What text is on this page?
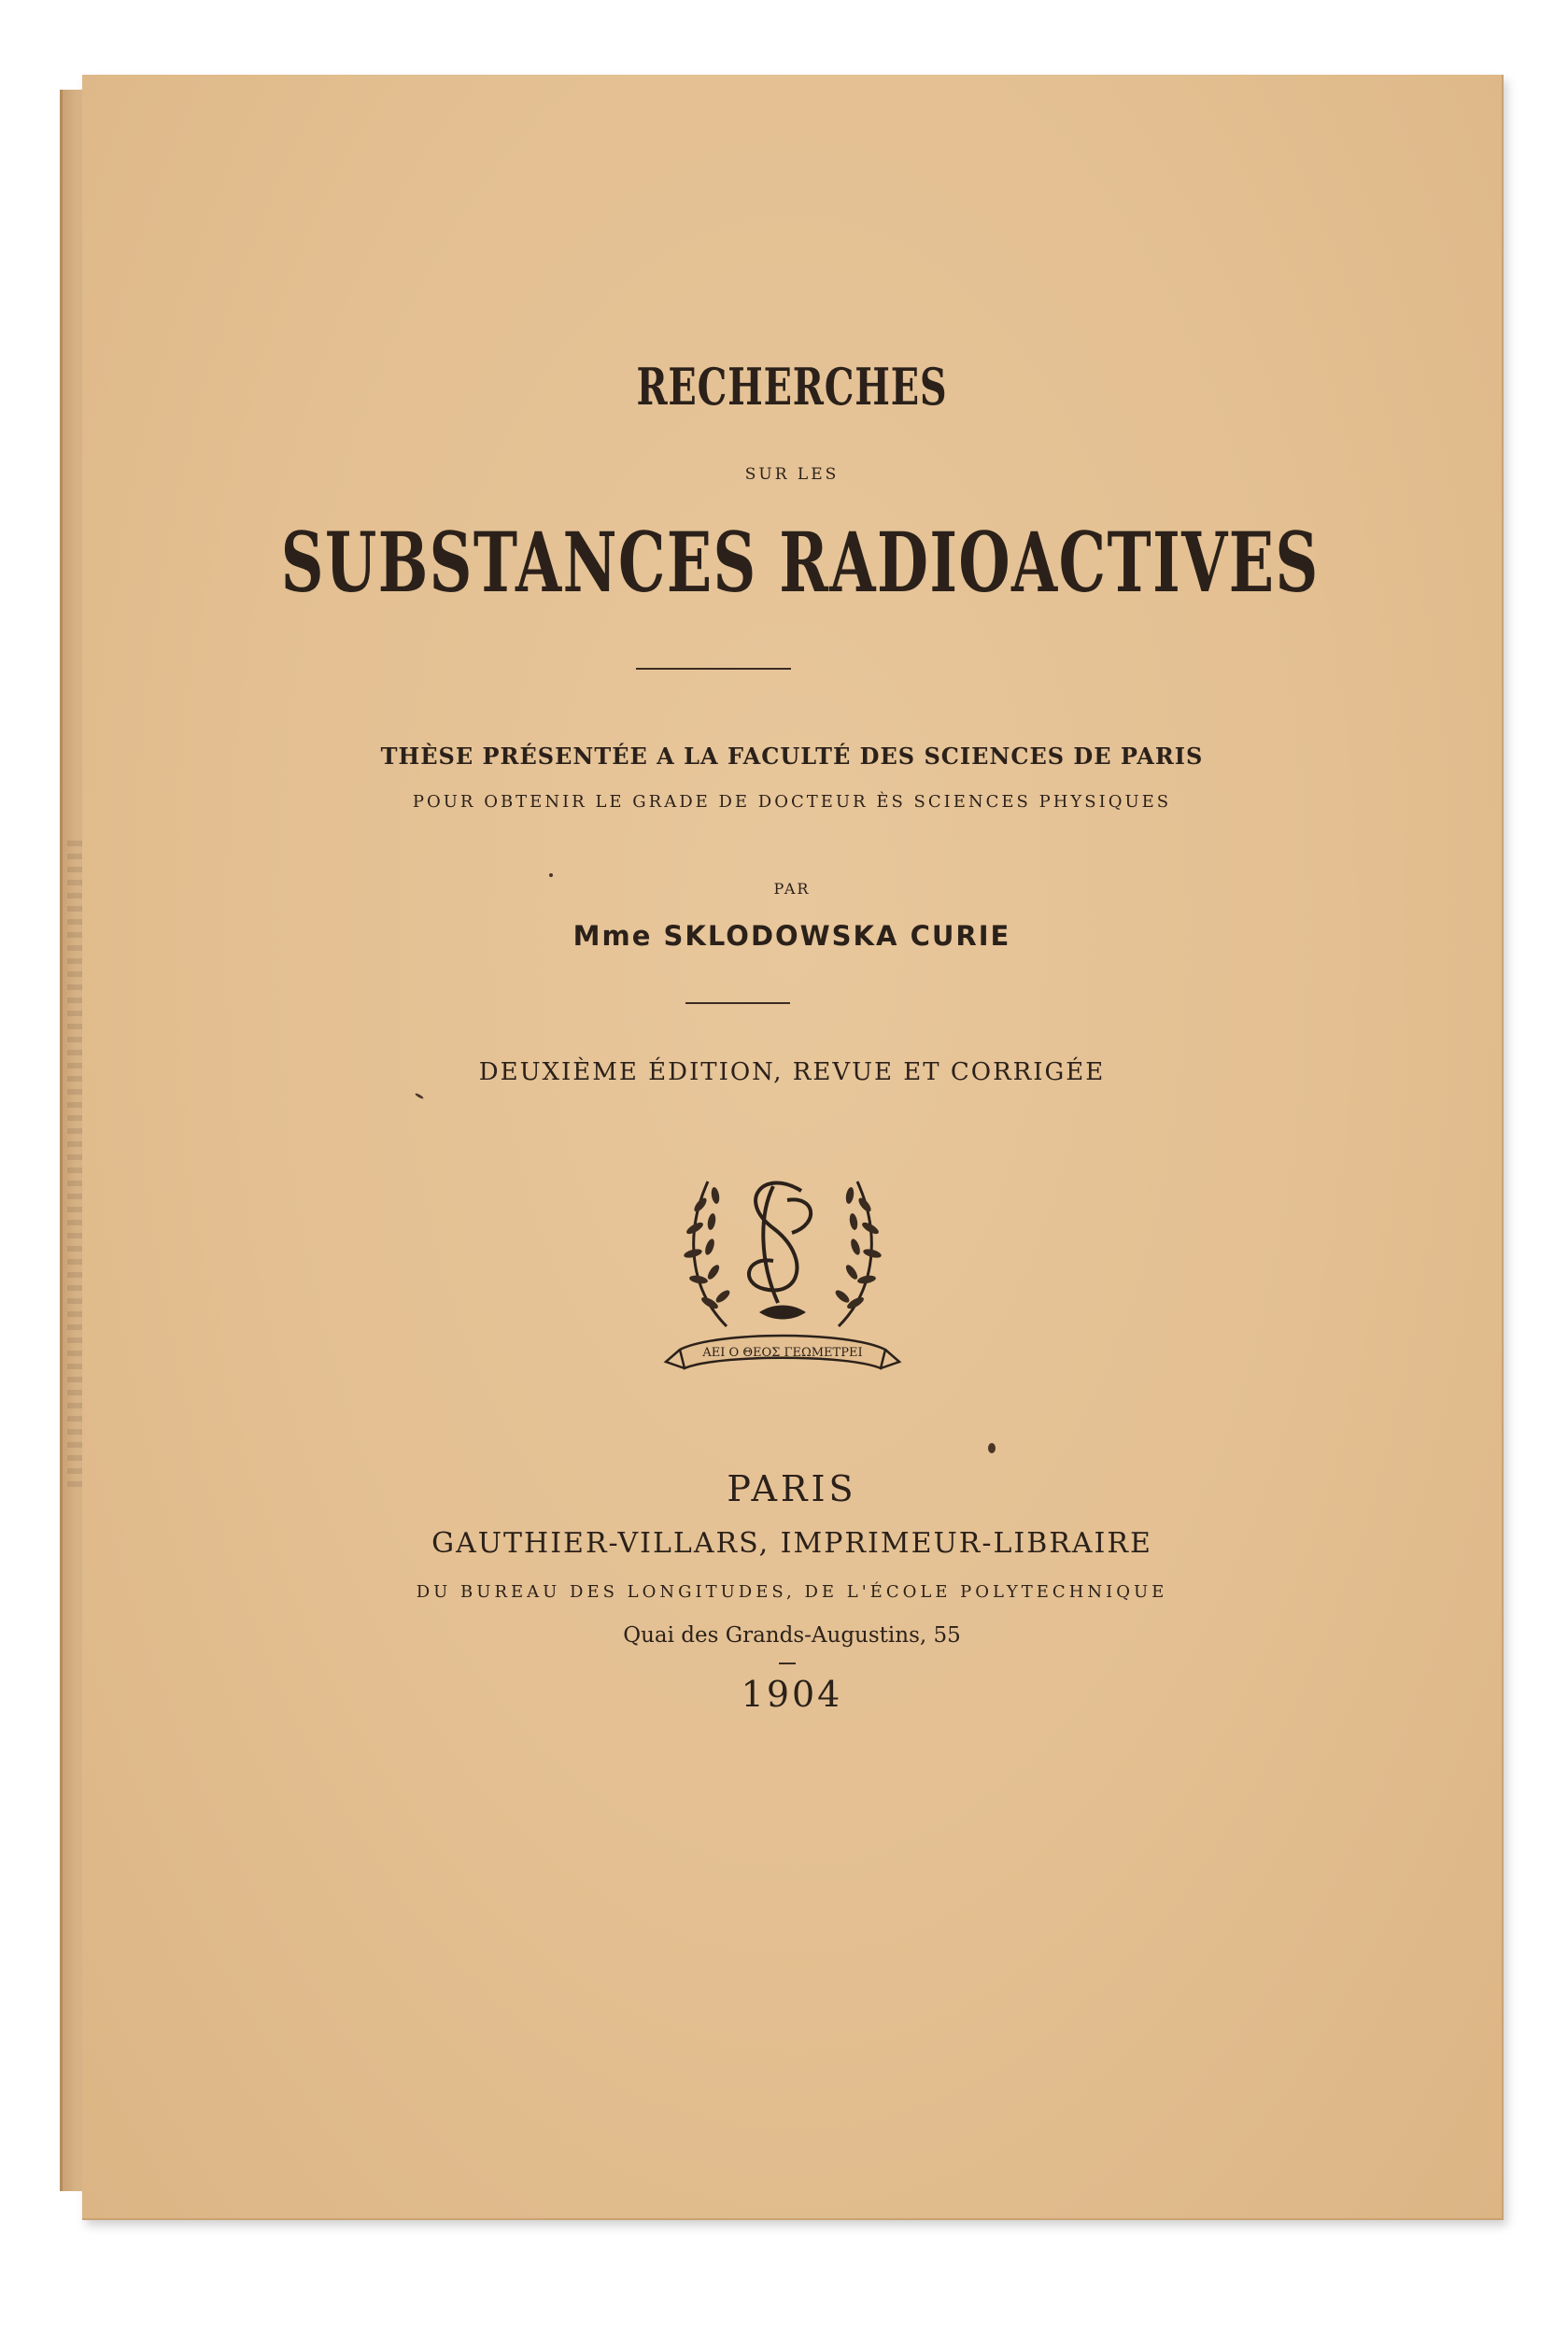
RECHERCHES
SUR LES
SUBSTANCES RADIOACTIVES
THÈSE PRÉSENTÉE A LA FACULTÉ DES SCIENCES DE PARIS
POUR OBTENIR LE GRADE DE DOCTEUR ÈS SCIENCES PHYSIQUES
PAR
Mme SKLODOWSKA CURIE
DEUXIÈME ÉDITION, REVUE ET CORRIGÉE
ΑΕΙ Ο ΘΕΟΣ ΓΕΩΜΕΤΡΕΙ
PARIS
GAUTHIER-VILLARS, IMPRIMEUR-LIBRAIRE
DU BUREAU DES LONGITUDES, DE L'ÉCOLE POLYTECHNIQUE
Quai des Grands-Augustins, 55
1904
